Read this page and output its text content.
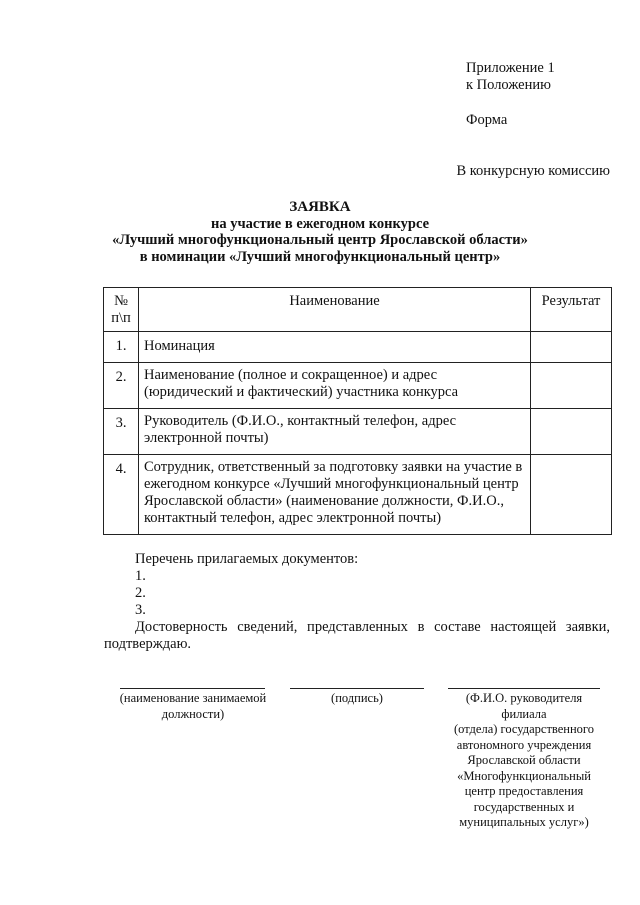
Приложение 1
к Положению
Форма
В конкурсную комиссию
ЗАЯВКА
на участие в ежегодном конкурсе
«Лучший многофункциональный центр Ярославской области»
в номинации «Лучший многофункциональный центр»
№
п\п	Наименование	Результат
1.	Номинация	
2.	Наименование (полное и сокращенное) и адрес (юридический и фактический) участника конкурса	
3.	Руководитель (Ф.И.О., контактный телефон, адрес электронной почты)	
4.	Сотрудник, ответственный за подготовку заявки на участие в ежегодном конкурсе «Лучший многофункциональный центр Ярославской области» (наименование должности, Ф.И.О., контактный телефон, адрес электронной почты)	
Перечень прилагаемых документов:
1.
2.
3.
Достоверность сведений, представленных в составе настоящей заявки,
подтверждаю.
(наименование занимаемой
должности)
(подпись)	(Ф.И.О. руководителя
филиала
(отдела) государственного
автономного учреждения
Ярославской области
«Многофункциональный
центр предоставления
государственных и
муниципальных услуг»)
